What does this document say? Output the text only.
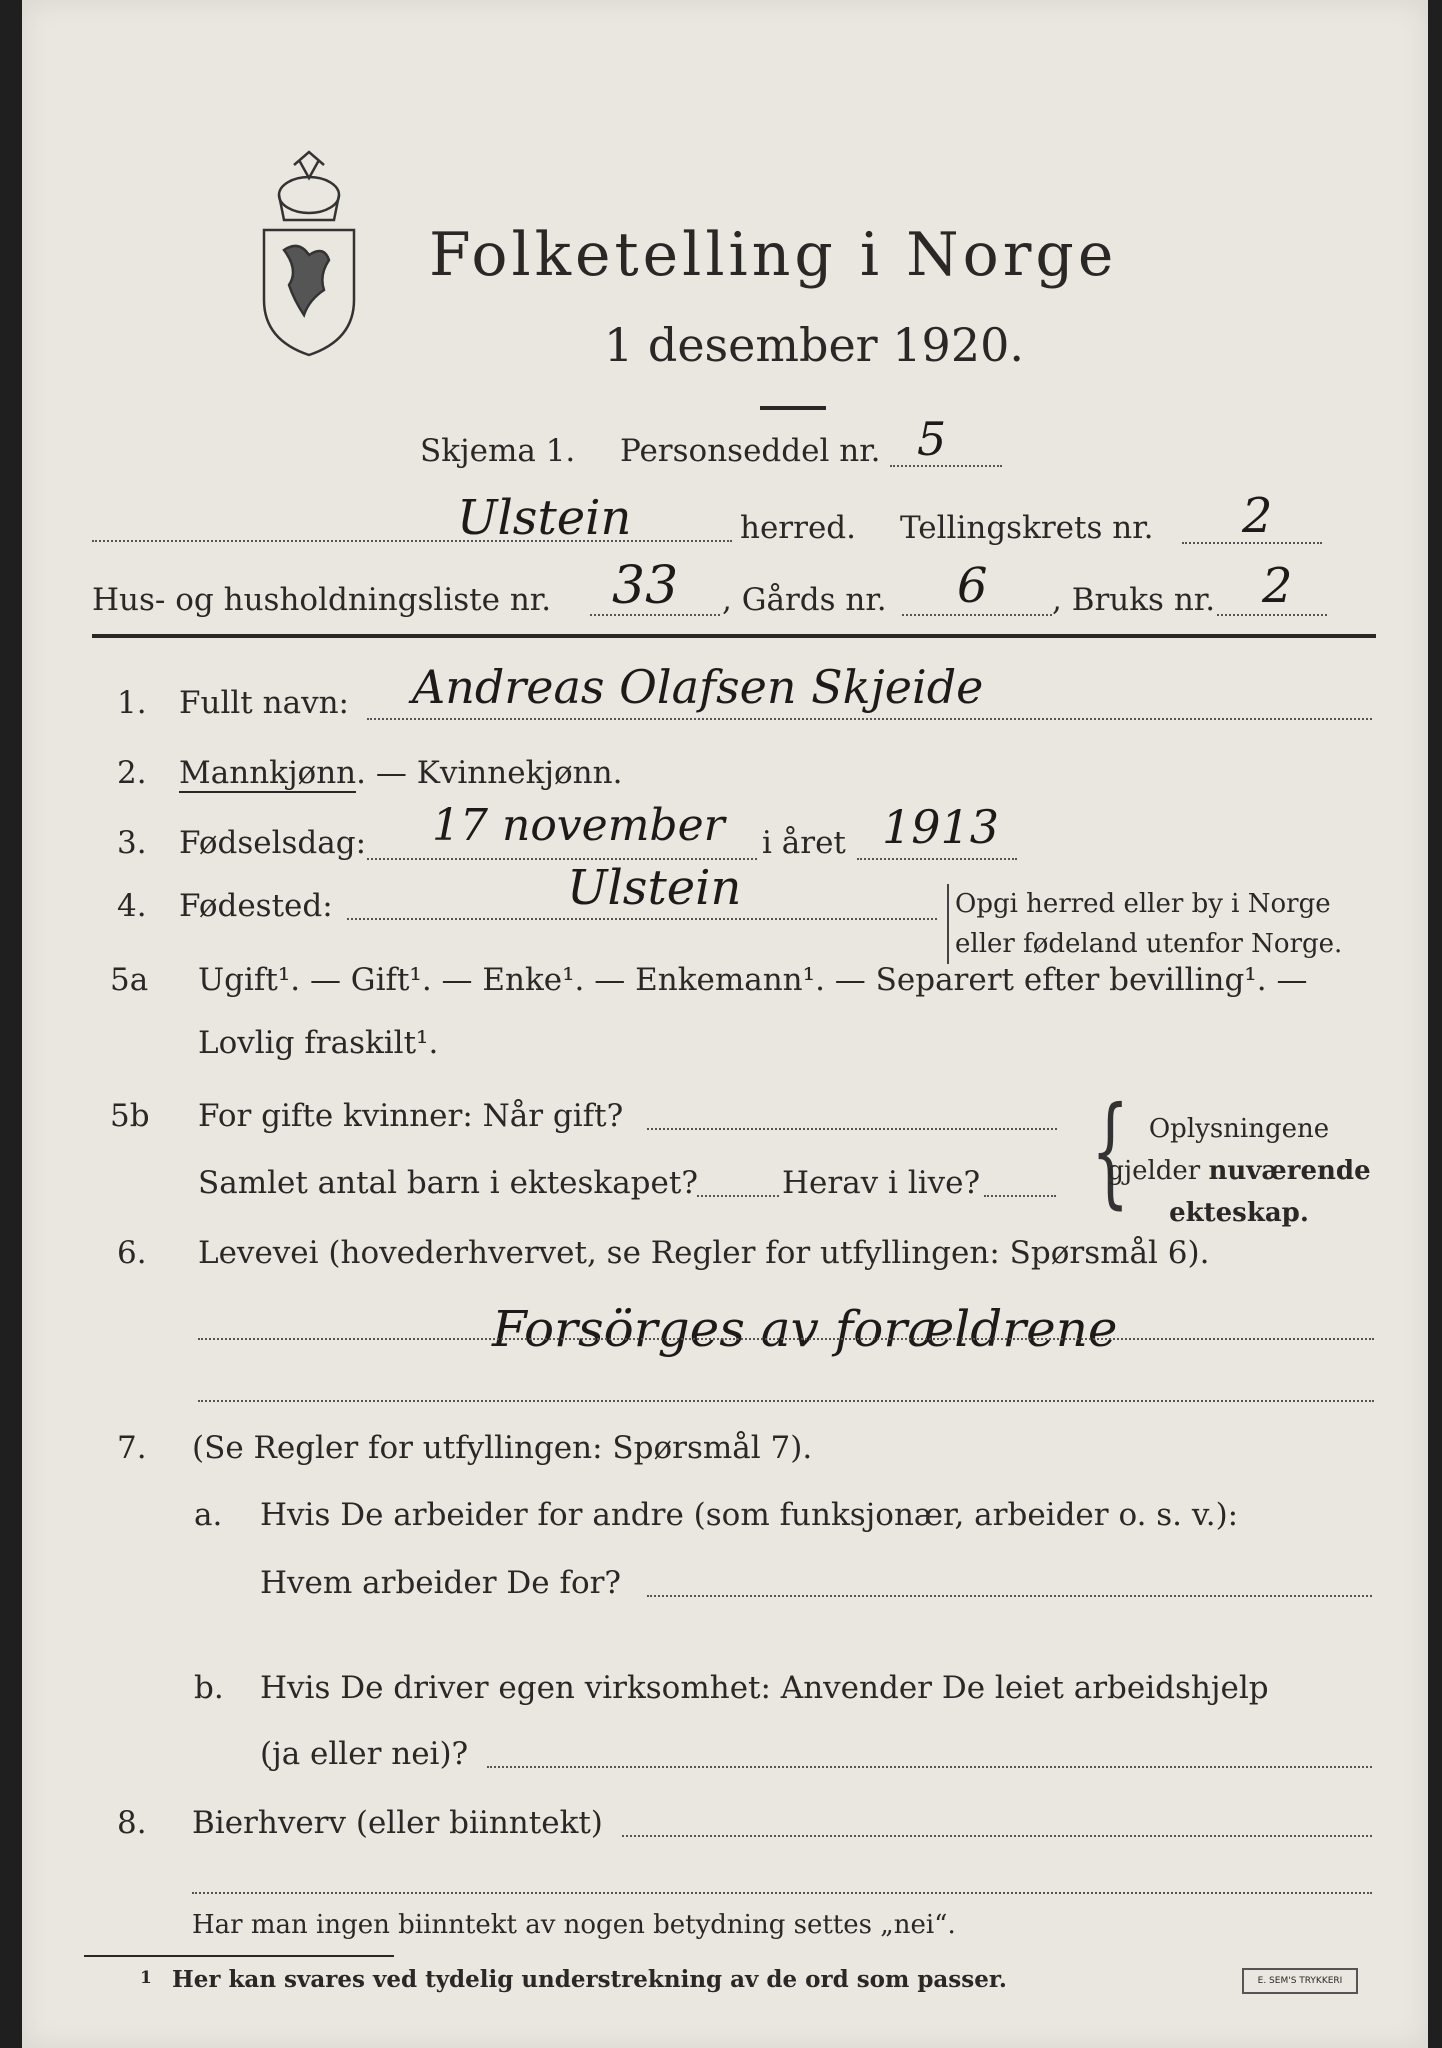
Folketelling i Norge
1 desember 1920.
Skjema 1. Personseddel nr. 5
Ulstein	herred. Tellingskrets nr. 2
Hus- og husholdningsliste nr. 33 , Gårds nr. 6 , Bruks nr. 2
1. Fullt navn: Andreas Olafsen Skjeide
2. Mannkjønn. — Kvinnekjønn.
3. Fødselsdag: 17 november i året 1913
4. Fødested:	Ulstein	Opgi herred eller by i Norge
eller fødeland utenfor Norge.
5a Ugift¹. — Gift¹. — Enke¹. — Enkemann¹. — Separert efter bevilling¹. —
Lovlig fraskilt¹.
5b For gifte kvinner: Når gift?
Samlet antal barn i ekteskapet?	Herav i live? { Oplysningene
gjelder nuværende
ekteskap.
6. Levevei (hovederhvervet, se Regler for utfyllingen: Spørsmål 6).
Forsörges av forældrene
7. (Se Regler for utfyllingen: Spørsmål 7).
a. Hvis De arbeider for andre (som funksjonær, arbeider o. s. v.):
Hvem arbeider De for?
b. Hvis De driver egen virksomhet: Anvender De leiet arbeidshjelp
(ja eller nei)?
8. Bierhverv (eller biinntekt)
Har man ingen biinntekt av nogen betydning settes „nei“.
1 Her kan svares ved tydelig understrekning av de ord som passer.	E. SEM'S TRYKKERI
